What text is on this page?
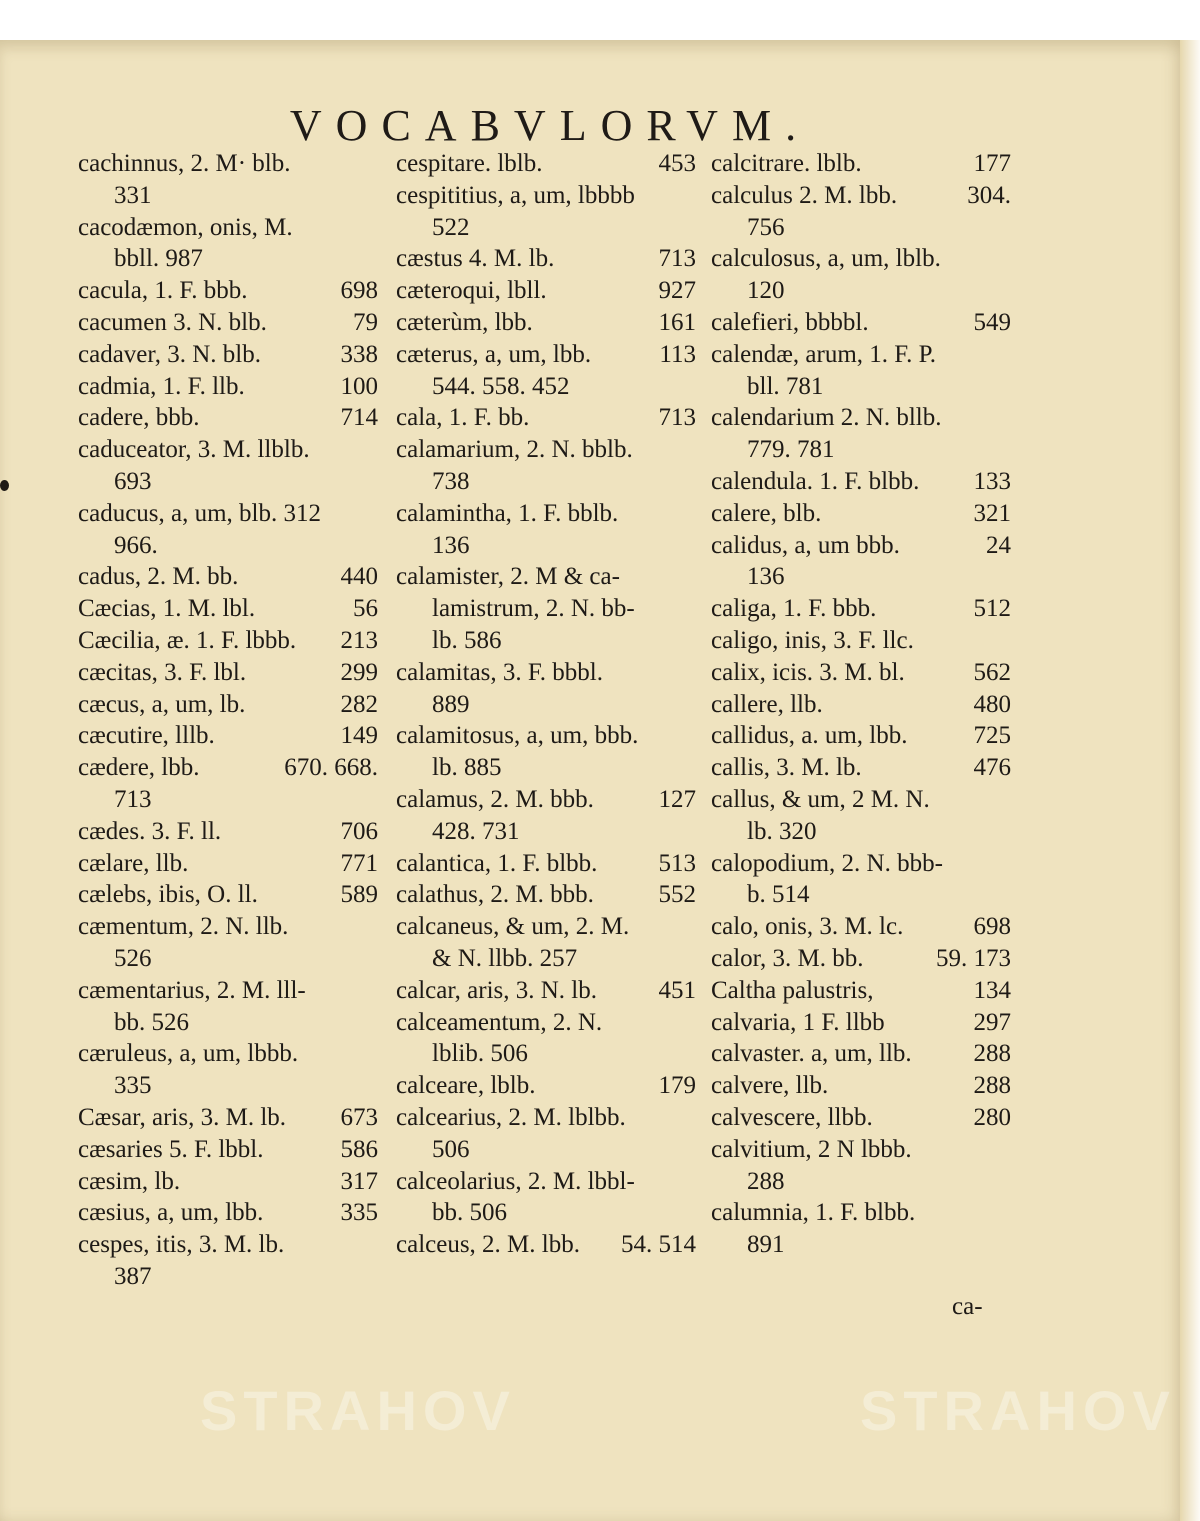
VOCABVLORVM.
cachinnus, 2. M· blb.
331
cacodæmon, onis, M.
bbll. 987
698
cacula, 1. F. bbb.
79
cacumen 3. N. blb.
338
cadaver, 3. N. blb.
100
cadmia, 1. F. llb.
714
cadere, bbb.
caduceator, 3. M. llblb.
693
caducus, a, um, blb. 312
966.
440
cadus, 2. M. bb.
56
Cæcias, 1. M. lbl.
213
Cæcilia, æ. 1. F. lbbb.
299
cæcitas, 3. F. lbl.
282
cæcus, a, um, lb.
149
cæcutire, lllb.
670. 668.
cædere, lbb.
713
706
cædes. 3. F. ll.
771
cælare, llb.
589
cælebs, ibis, O. ll.
cæmentum, 2. N. llb.
526
cæmentarius, 2. M. lll-
bb. 526
cæruleus, a, um, lbbb.
335
673
Cæsar, aris, 3. M. lb.
586
cæsaries 5. F. lbbl.
317
cæsim, lb.
335
cæsius, a, um, lbb.
cespes, itis, 3. M. lb.
387
453
cespitare. lblb.
cespititius, a, um, lbbbb
522
713
cæstus 4. M. lb.
927
cæteroqui, lbll.
161
cæterùm, lbb.
113
cæterus, a, um, lbb.
544. 558. 452
713
cala, 1. F. bb.
calamarium, 2. N. bblb.
738
calamintha, 1. F. bblb.
136
calamister, 2. M & ca-
lamistrum, 2. N. bb-
lb. 586
calamitas, 3. F. bbbl.
889
calamitosus, a, um, bbb.
lb. 885
127
calamus, 2. M. bbb.
428. 731
513
calantica, 1. F. blbb.
552
calathus, 2. M. bbb.
calcaneus, & um, 2. M.
& N. llbb. 257
451
calcar, aris, 3. N. lb.
calceamentum, 2. N.
lblib. 506
179
calceare, lblb.
calcearius, 2. M. lblbb.
506
calceolarius, 2. M. lbbl-
bb. 506
54. 514
calceus, 2. M. lbb.
177
calcitrare. lblb.
304.
calculus 2. M. lbb.
756
calculosus, a, um, lblb.
120
549
calefieri, bbbbl.
calendæ, arum, 1. F. P.
bll. 781
calendarium 2. N. bllb.
779. 781
133
calendula. 1. F. blbb.
321
calere, blb.
24
calidus, a, um bbb.
136
512
caliga, 1. F. bbb.
caligo, inis, 3. F. llc.
562
calix, icis. 3. M. bl.
480
callere, llb.
725
callidus, a. um, lbb.
476
callis, 3. M. lb.
callus, & um, 2 M. N.
lb. 320
calopodium, 2. N. bbb-
b. 514
698
calo, onis, 3. M. lc.
59. 173
calor, 3. M. bb.
134
Caltha palustris,
297
calvaria, 1 F. llbb
288
calvaster. a, um, llb.
288
calvere, llb.
280
calvescere, llbb.
calvitium, 2 N lbbb.
288
calumnia, 1. F. blbb.
891
ca-
STRAHOV	STRAHOV
